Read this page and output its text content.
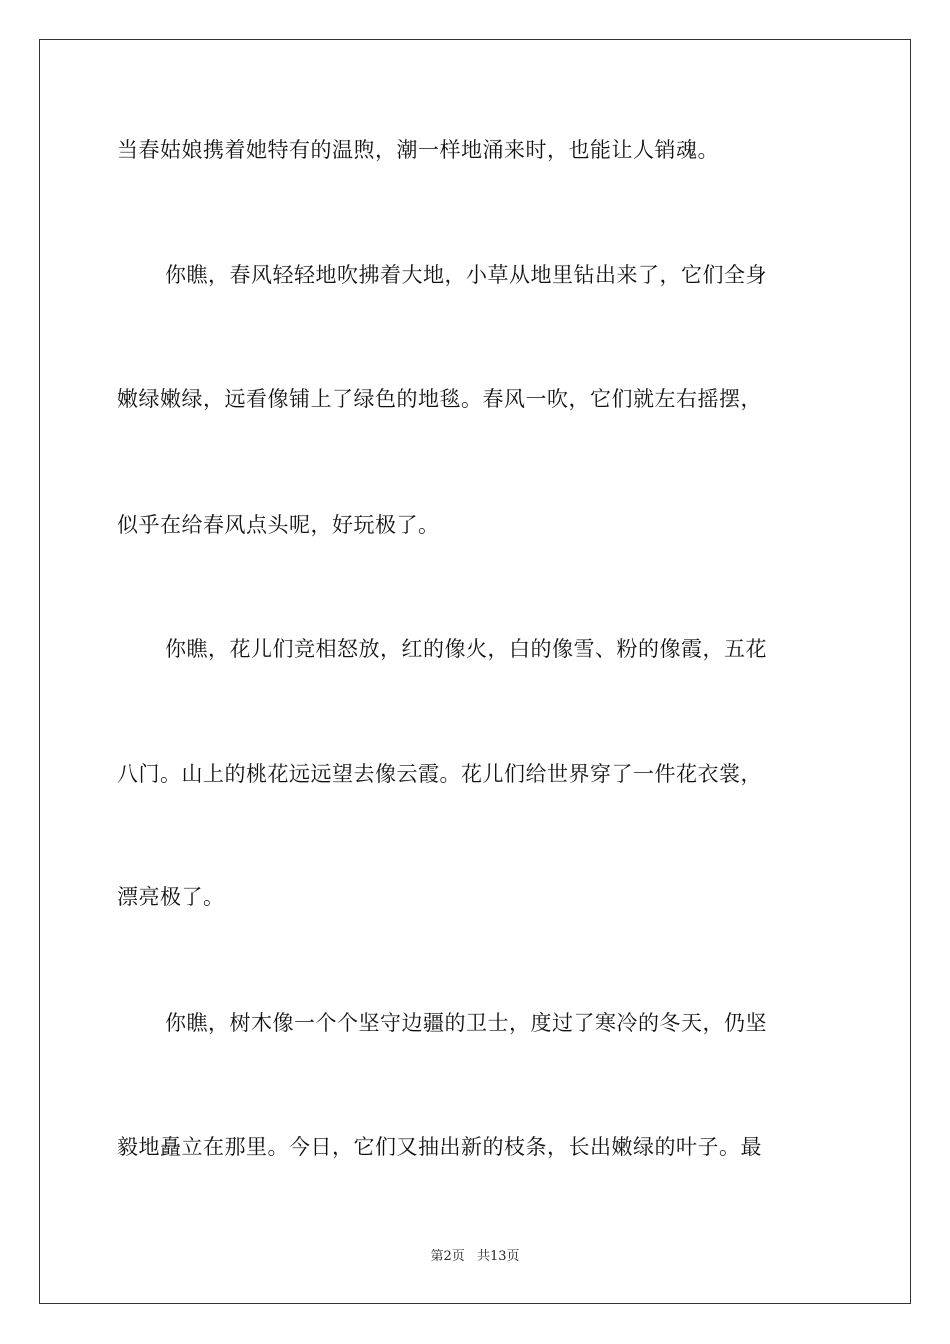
当春姑娘携着她特有的温煦，潮一样地涌来时，也能让人销魂。
你瞧，春风轻轻地吹拂着大地，小草从地里钻出来了，它们全身
嫩绿嫩绿，远看像铺上了绿色的地毯。春风一吹，它们就左右摇摆，
似乎在给春风点头呢，好玩极了。
你瞧，花儿们竞相怒放，红的像火，白的像雪、粉的像霞，五花
八门。山上的桃花远远望去像云霞。花儿们给世界穿了一件花衣裳，
漂亮极了。
你瞧，树木像一个个坚守边疆的卫士，度过了寒冷的冬天，仍坚
毅地矗立在那里。今日，它们又抽出新的枝条，长出嫩绿的叶子。最
第2页 共13页
